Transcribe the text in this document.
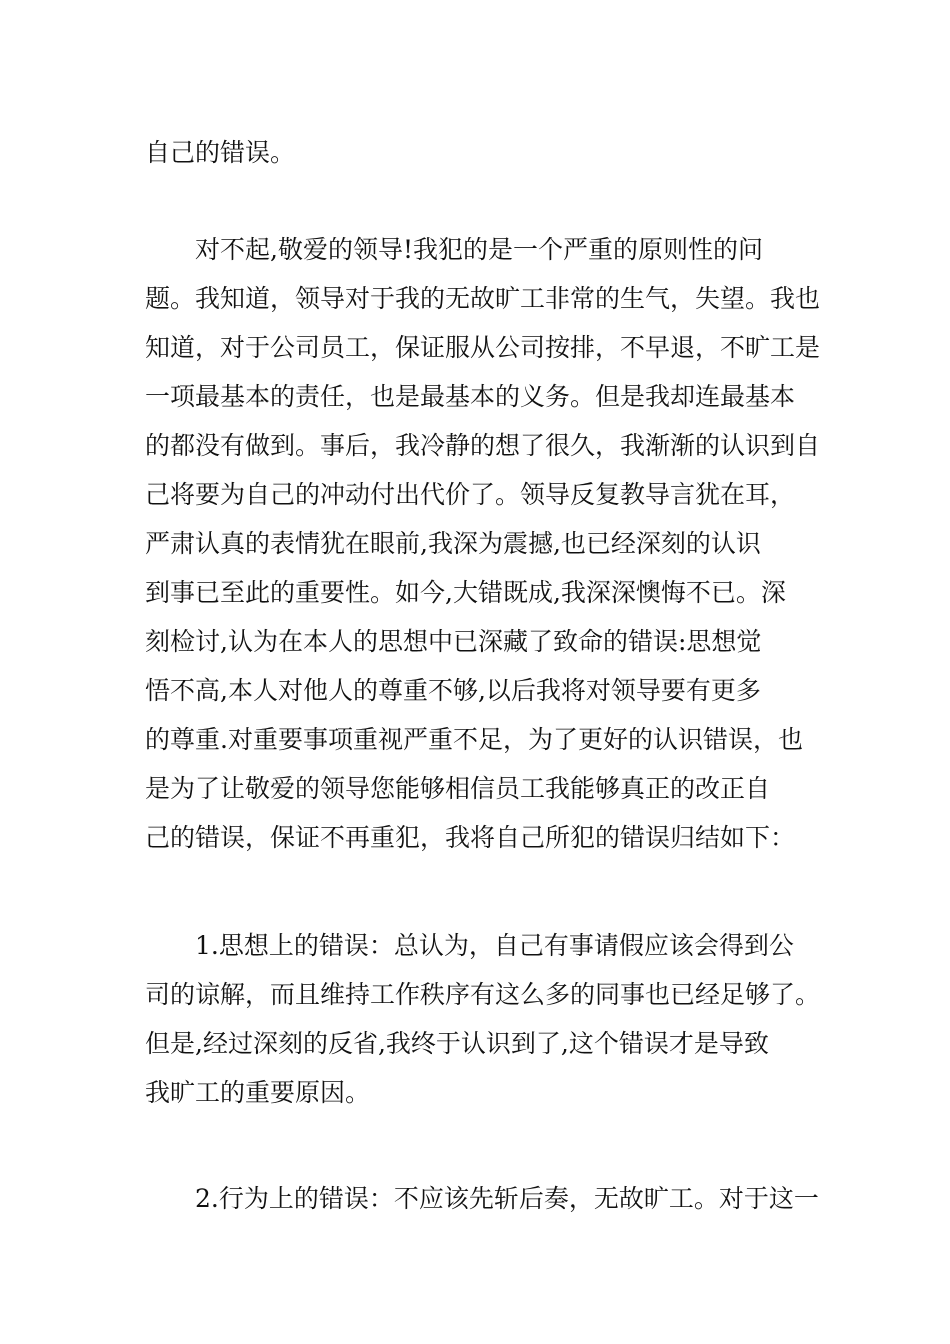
自己的错误。
对不起,敬爱的领导!我犯的是一个严重的原则性的问
题。我知道，领导对于我的无故旷工非常的生气，失望。我也
知道，对于公司员工，保证服从公司按排，不早退，不旷工是
一项最基本的责任，也是最基本的义务。但是我却连最基本
的都没有做到。事后，我冷静的想了很久，我渐渐的认识到自
己将要为自己的冲动付出代价了。领导反复教导言犹在耳，
严肃认真的表情犹在眼前,我深为震撼,也已经深刻的认识
到事已至此的重要性。如今,大错既成,我深深懊悔不已。深
刻检讨,认为在本人的思想中已深藏了致命的错误:思想觉
悟不高,本人对他人的尊重不够,以后我将对领导要有更多
的尊重.对重要事项重视严重不足，为了更好的认识错误，也
是为了让敬爱的领导您能够相信员工我能够真正的改正自
己的错误，保证不再重犯，我将自己所犯的错误归结如下：
1.思想上的错误：总认为，自己有事请假应该会得到公
司的谅解，而且维持工作秩序有这么多的同事也已经足够了。
但是,经过深刻的反省,我终于认识到了,这个错误才是导致
我旷工的重要原因。
2.行为上的错误：不应该先斩后奏，无故旷工。对于这一
